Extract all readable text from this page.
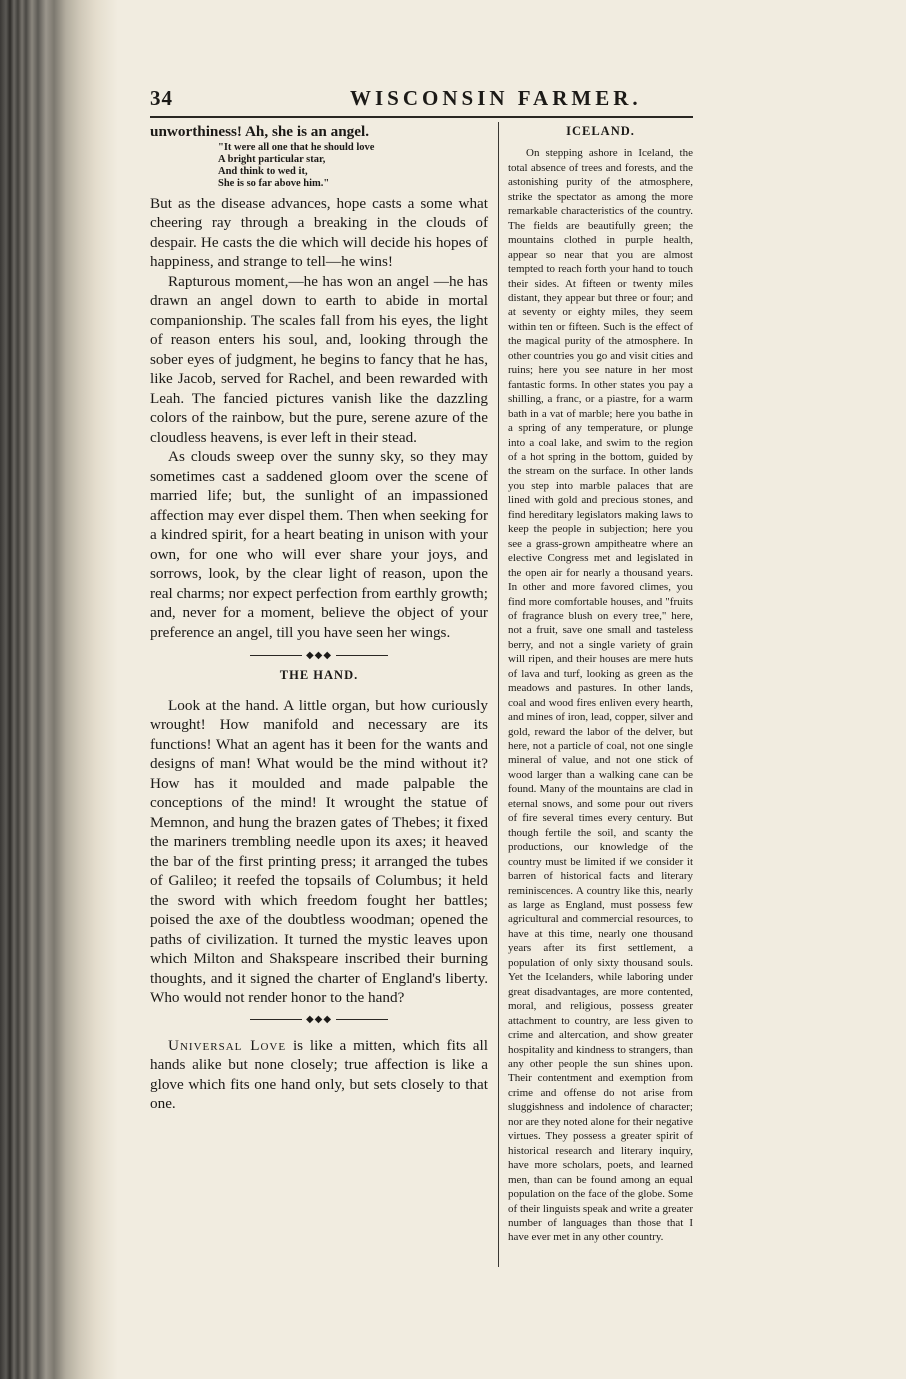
34	WISCONSIN FARMER.

unworthiness! Ah, she is an angel.

"It were all one that he should love
A bright particular star,
And think to wed it,
She is so far above him."

But as the disease advances, hope casts a some what cheering ray through a breaking in the clouds of despair. He casts the die which will decide his hopes of happiness, and strange to tell—he wins!

Rapturous moment,—he has won an angel —he has drawn an angel down to earth to abide in mortal companionship. The scales fall from his eyes, the light of reason enters his soul, and, looking through the sober eyes of judgment, he begins to fancy that he has, like Jacob, served for Rachel, and been rewarded with Leah. The fancied pictures vanish like the dazzling colors of the rainbow, but the pure, serene azure of the cloudless heavens, is ever left in their stead.

As clouds sweep over the sunny sky, so they may sometimes cast a saddened gloom over the scene of married life; but, the sunlight of an impassioned affection may ever dispel them. Then when seeking for a kindred spirit, for a heart beating in unison with your own, for one who will ever share your joys, and sorrows, look, by the clear light of reason, upon the real charms; nor expect perfection from earthly growth; and, never for a moment, believe the object of your preference an angel, till you have seen her wings.

◆◆◆
THE HAND.

Look at the hand. A little organ, but how curiously wrought! How manifold and necessary are its functions! What an agent has it been for the wants and designs of man! What would be the mind without it? How has it moulded and made palpable the conceptions of the mind! It wrought the statue of Memnon, and hung the brazen gates of Thebes; it fixed the mariners trembling needle upon its axes; it heaved the bar of the first printing press; it arranged the tubes of Galileo; it reefed the topsails of Columbus; it held the sword with which freedom fought her battles; poised the axe of the doubtless woodman; opened the paths of civilization. It turned the mystic leaves upon which Milton and Shakspeare inscribed their burning thoughts, and it signed the charter of England's liberty. Who would not render honor to the hand?

◆◆◆

Universal Love is like a mitten, which fits all hands alike but none closely; true affection is like a glove which fits one hand only, but sets closely to that one.

ICELAND.

On stepping ashore in Iceland, the total absence of trees and forests, and the astonishing purity of the atmosphere, strike the spectator as among the more remarkable characteristics of the country. The fields are beautifully green; the mountains clothed in purple health, appear so near that you are almost tempted to reach forth your hand to touch their sides. At fifteen or twenty miles distant, they appear but three or four; and at seventy or eighty miles, they seem within ten or fifteen. Such is the effect of the magical purity of the atmosphere. In other countries you go and visit cities and ruins; here you see nature in her most fantastic forms. In other states you pay a shilling, a franc, or a piastre, for a warm bath in a vat of marble; here you bathe in a spring of any temperature, or plunge into a coal lake, and swim to the region of a hot spring in the bottom, guided by the stream on the surface. In other lands you step into marble palaces that are lined with gold and precious stones, and find hereditary legislators making laws to keep the people in subjection; here you see a grass-grown ampitheatre where an elective Congress met and legislated in the open air for nearly a thousand years. In other and more favored climes, you find more comfortable houses, and "fruits of fragrance blush on every tree," here, not a fruit, save one small and tasteless berry, and not a single variety of grain will ripen, and their houses are mere huts of lava and turf, looking as green as the meadows and pastures. In other lands, coal and wood fires enliven every hearth, and mines of iron, lead, copper, silver and gold, reward the labor of the delver, but here, not a particle of coal, not one single mineral of value, and not one stick of wood larger than a walking cane can be found. Many of the mountains are clad in eternal snows, and some pour out rivers of fire several times every century. But though fertile the soil, and scanty the productions, our knowledge of the country must be limited if we consider it barren of historical facts and literary reminiscences. A country like this, nearly as large as England, must possess few agricultural and commercial resources, to have at this time, nearly one thousand years after its first settlement, a population of only sixty thousand souls. Yet the Icelanders, while laboring under great disadvantages, are more contented, moral, and religious, possess greater attachment to country, are less given to crime and altercation, and show greater hospitality and kindness to strangers, than any other people the sun shines upon. Their contentment and exemption from crime and offense do not arise from sluggishness and indolence of character; nor are they noted alone for their negative virtues. They possess a greater spirit of historical research and literary inquiry, have more scholars, poets, and learned men, than can be found among an equal population on the face of the globe. Some of their linguists speak and write a greater number of languages than those that I have ever met in any other country.
